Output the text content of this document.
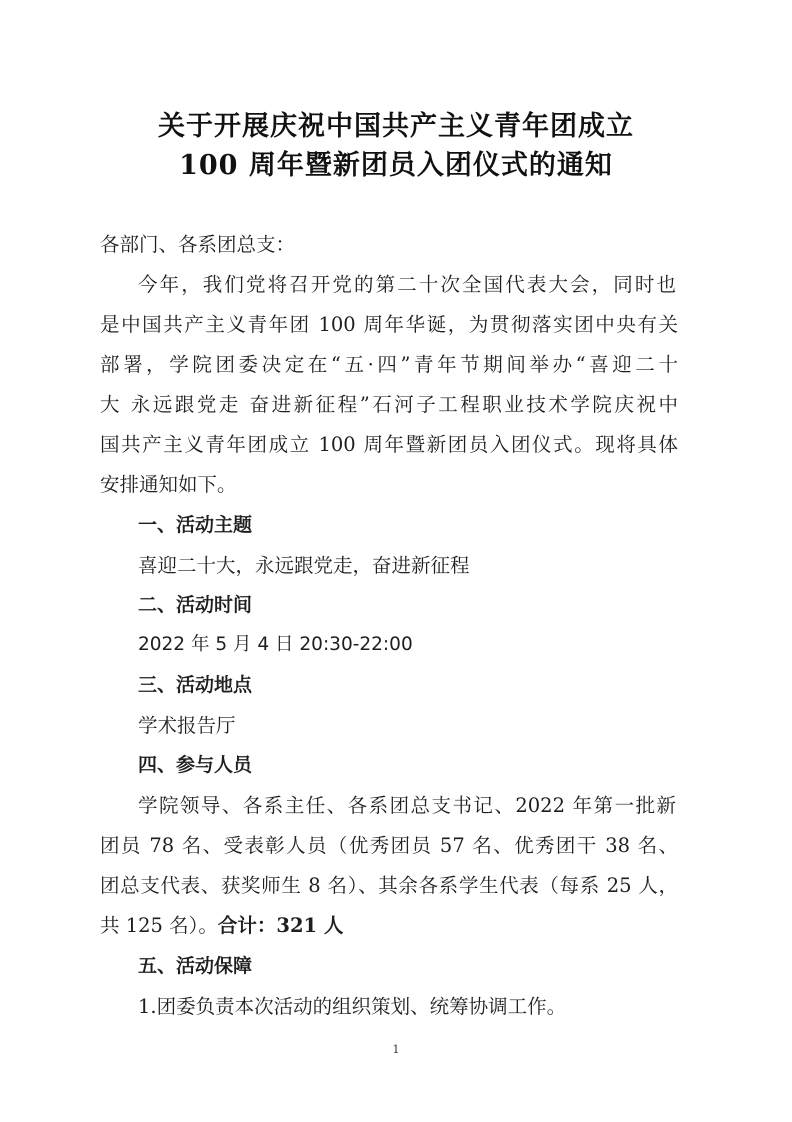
关于开展庆祝中国共产主义青年团成立
100 周年暨新团员入团仪式的通知
各部门、各系团总支：
今年，我们党将召开党的第二十次全国代表大会，同时也
是中国共产主义青年团 100 周年华诞，为贯彻落实团中央有关
部署，学院团委决定在“五·四”青年节期间举办“喜迎二十
大 永远跟党走 奋进新征程”石河子工程职业技术学院庆祝中
国共产主义青年团成立 100 周年暨新团员入团仪式。现将具体
安排通知如下。
一、活动主题
喜迎二十大，永远跟党走，奋进新征程
二、活动时间
2022 年 5 月 4 日 20:30-22:00
三、活动地点
学术报告厅
四、参与人员
学院领导、各系主任、各系团总支书记、2022 年第一批新
团员 78 名、受表彰人员（优秀团员 57 名、优秀团干 38 名、
团总支代表、获奖师生 8 名）、其余各系学生代表（每系 25 人，
共 125 名）。合计：321 人
五、活动保障
1.团委负责本次活动的组织策划、统筹协调工作。
1
